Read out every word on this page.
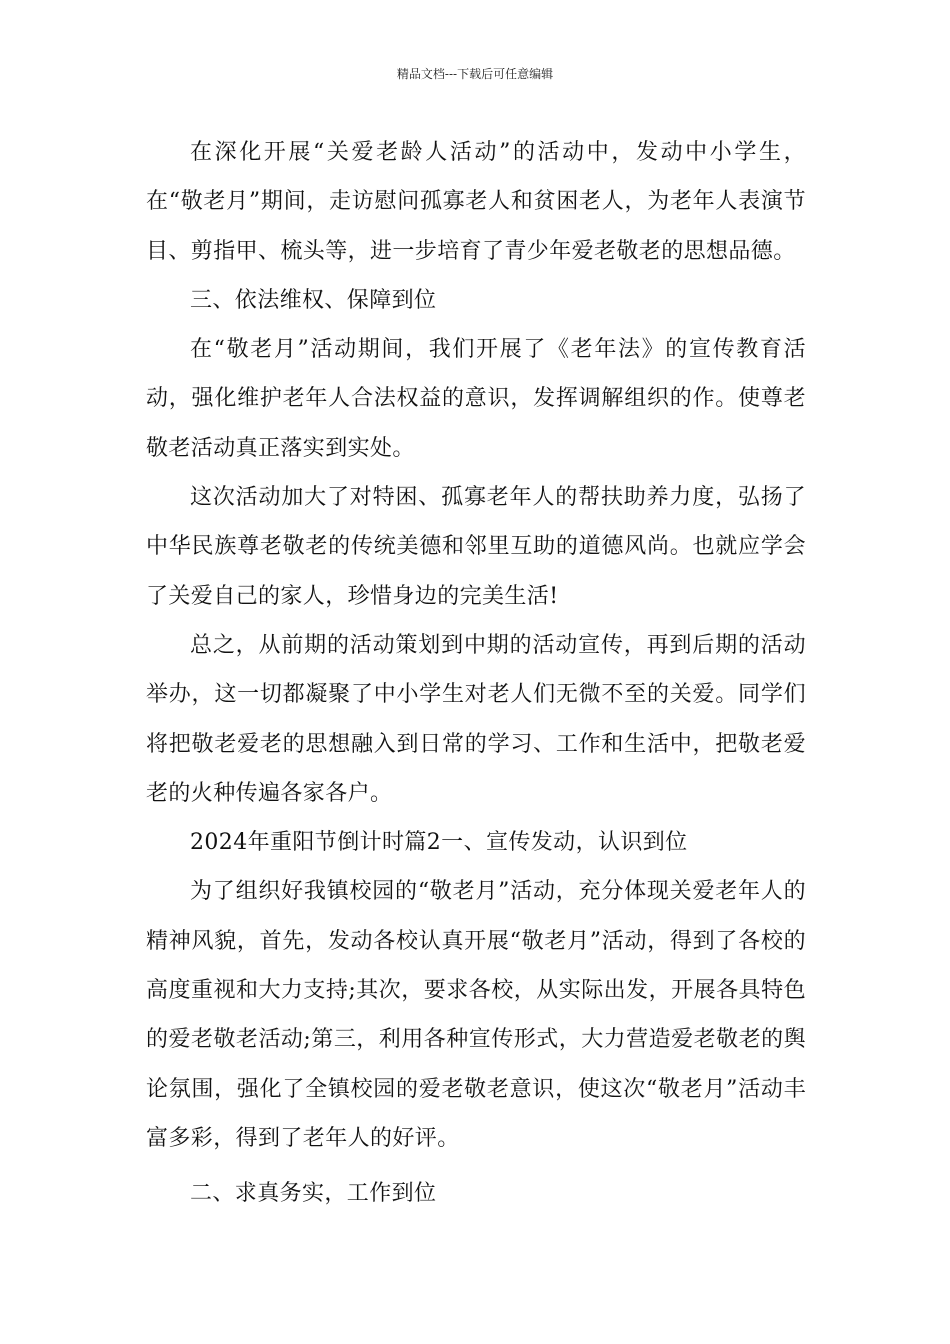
精品文档---下载后可任意编辑

在深化开展“关爱老龄人活动”的活动中，发动中小学生，在“敬老月”期间，走访慰问孤寡老人和贫困老人，为老年人表演节目、剪指甲、梳头等，进一步培育了青少年爱老敬老的思想品德。

三、依法维权、保障到位

在“敬老月”活动期间，我们开展了《老年法》的宣传教育活动，强化维护老年人合法权益的意识，发挥调解组织的作。使尊老敬老活动真正落实到实处。

这次活动加大了对特困、孤寡老年人的帮扶助养力度，弘扬了中华民族尊老敬老的传统美德和邻里互助的道德风尚。也就应学会了关爱自己的家人，珍惜身边的完美生活!

总之，从前期的活动策划到中期的活动宣传，再到后期的活动举办，这一切都凝聚了中小学生对老人们无微不至的关爱。同学们将把敬老爱老的思想融入到日常的学习、工作和生活中，把敬老爱老的火种传遍各家各户。

2024年重阳节倒计时篇2一、宣传发动，认识到位

为了组织好我镇校园的“敬老月”活动，充分体现关爱老年人的精神风貌，首先，发动各校认真开展“敬老月”活动，得到了各校的高度重视和大力支持;其次，要求各校，从实际出发，开展各具特色的爱老敬老活动;第三，利用各种宣传形式，大力营造爱老敬老的舆论氛围，强化了全镇校园的爱老敬老意识，使这次“敬老月”活动丰富多彩，得到了老年人的好评。

二、求真务实，工作到位
